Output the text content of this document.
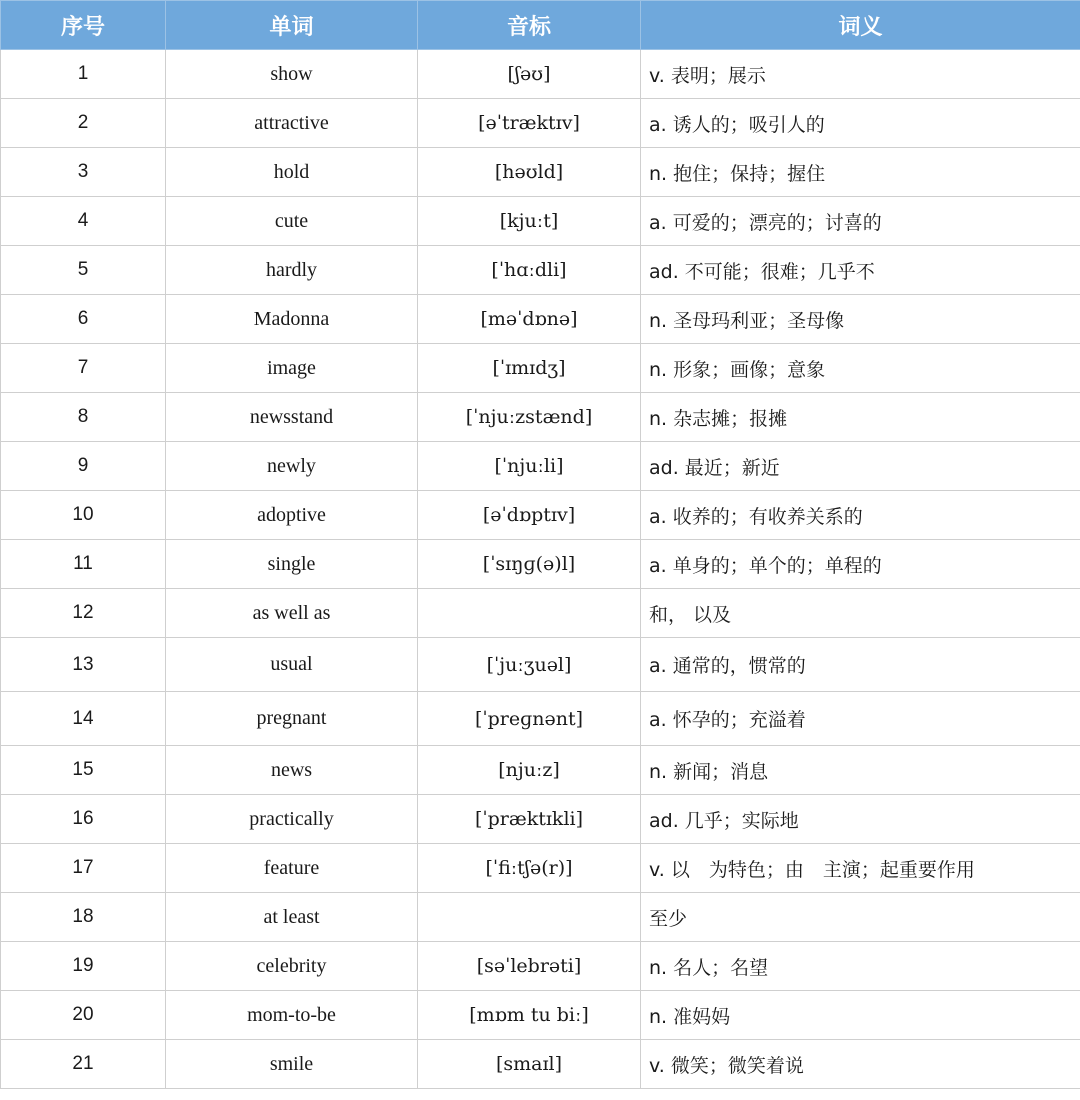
序号	单词	音标	词义
1	show	[ʃəʊ]	v. 表明；展示
2	attractive	[əˈtræktɪv]	a. 诱人的；吸引人的
3	hold	[həʊld]	n. 抱住；保持；握住
4	cute	[kjuːt]	a. 可爱的；漂亮的；讨喜的
5	hardly	[ˈhɑːdli]	ad. 不可能；很难；几乎不
6	Madonna	[məˈdɒnə]	n. 圣母玛利亚；圣母像
7	image	[ˈɪmɪdʒ]	n. 形象；画像；意象
8	newsstand	[ˈnjuːzstænd]	n. 杂志摊；报摊
9	newly	[ˈnjuːli]	ad. 最近；新近
10	adoptive	[əˈdɒptɪv]	a. 收养的；有收养关系的
11	single	[ˈsɪŋɡ(ə)l]	a. 单身的；单个的；单程的
12	as well as		和， 以及
13	usual	[ˈjuːʒuəl]	a. 通常的，惯常的
14	pregnant	[ˈpreɡnənt]	a. 怀孕的；充溢着
15	news	[njuːz]	n. 新闻；消息
16	practically	[ˈpræktɪkli]	ad. 几乎；实际地
17	feature	[ˈfiːtʃə(r)]	v. 以　为特色；由　主演；起重要作用
18	at least		至少
19	celebrity	[səˈlebrəti]	n. 名人；名望
20	mom-to-be	[mɒm tu biː]	n. 准妈妈
21	smile	[smaɪl]	v. 微笑；微笑着说
